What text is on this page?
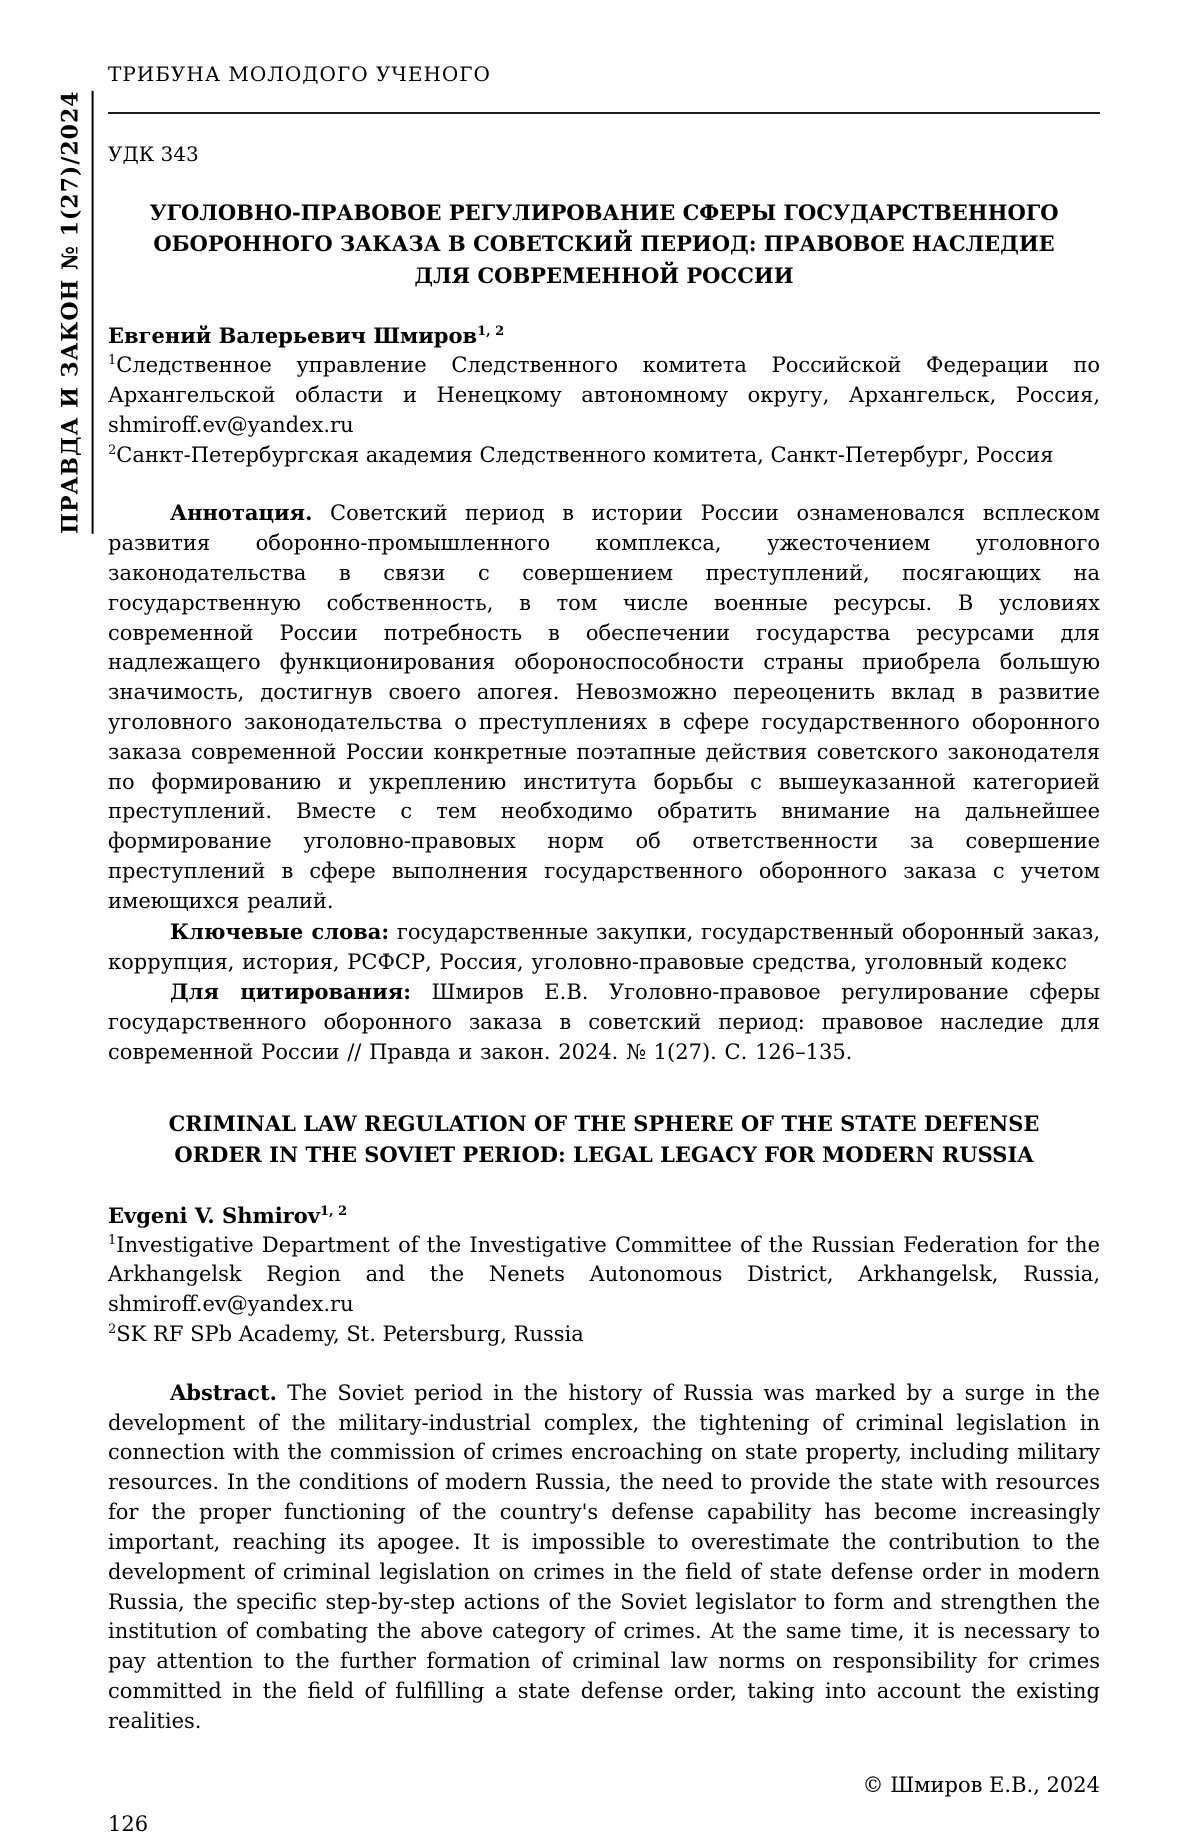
ПРАВДА И ЗАКОН № 1(27)/2024
ТРИБУНА МОЛОДОГО УЧЕНОГО
УДК 343
УГОЛОВНО-ПРАВОВОЕ РЕГУЛИРОВАНИЕ СФЕРЫ ГОСУДАРСТВЕННОГО ОБОРОННОГО ЗАКАЗА В СОВЕТСКИЙ ПЕРИОД: ПРАВОВОЕ НАСЛЕДИЕ ДЛЯ СОВРЕМЕННОЙ РОССИИ
Евгений Валерьевич Шмиров$^{1, 2}$

$^1$Следственное управление Следственного комитета Российской Федерации по Архангельской области и Ненецкому автономному округу, Архангельск, Россия, shmiroff.ev@yandex.ru

$^2$Санкт-Петербургская академия Следственного комитета, Санкт-Петербург, Россия

Аннотация. Советский период в истории России ознаменовался всплеском развития оборонно-промышленного комплекса, ужесточением уголовного законодательства в связи с совершением преступлений, посягающих на государственную собственность, в том числе военные ресурсы. В условиях современной России потребность в обеспечении государства ресурсами для надлежащего функционирования обороноспособности страны приобрела большую значимость, достигнув своего апогея. Невозможно переоценить вклад в развитие уголовного законодательства о преступлениях в сфере государственного оборонного заказа современной России конкретные поэтапные действия советского законодателя по формированию и укреплению института борьбы с вышеуказанной категорией преступлений. Вместе с тем необходимо обратить внимание на дальнейшее формирование уголовно-правовых норм об ответственности за совершение преступлений в сфере выполнения государственного оборонного заказа с учетом имеющихся реалий.

Ключевые слова: государственные закупки, государственный оборонный заказ, коррупция, история, РСФСР, Россия, уголовно-правовые средства, уголовный кодекс

Для цитирования: Шмиров Е.В. Уголовно-правовое регулирование сферы государственного оборонного заказа в советский период: правовое наследие для современной России // Правда и закон. 2024. № 1(27). С. 126–135.

CRIMINAL LAW REGULATION OF THE SPHERE OF THE STATE DEFENSE ORDER IN THE SOVIET PERIOD: LEGAL LEGACY FOR MODERN RUSSIA
Evgeni V. Shmirov$^{1, 2}$

$^1$Investigative Department of the Investigative Committee of the Russian Federation for the Arkhangelsk Region and the Nenets Autonomous District, Arkhangelsk, Russia, shmiroff.ev@yandex.ru

$^2$SK RF SPb Academy, St. Petersburg, Russia

Abstract. The Soviet period in the history of Russia was marked by a surge in the development of the military-industrial complex, the tightening of criminal legislation in connection with the commission of crimes encroaching on state property, including military resources. In the conditions of modern Russia, the need to provide the state with resources for the proper functioning of the country's defense capability has become increasingly important, reaching its apogee. It is impossible to overestimate the contribution to the development of criminal legislation on crimes in the field of state defense order in modern Russia, the specific step-by-step actions of the Soviet legislator to form and strengthen the institution of combating the above category of crimes. At the same time, it is necessary to pay attention to the further formation of criminal law norms on responsibility for crimes committed in the field of fulfilling a state defense order, taking into account the existing realities.

© Шмиров Е.В., 2024
126
